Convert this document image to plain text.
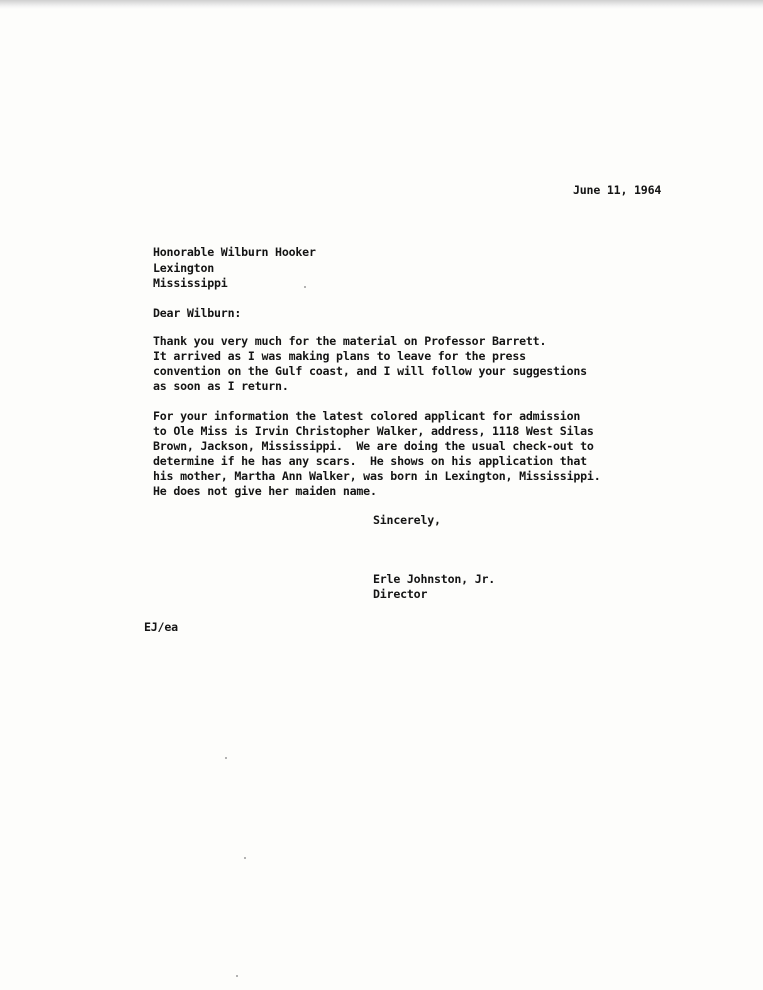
June 11, 1964
Honorable Wilburn Hooker
Lexington
Mississippi
Dear Wilburn:
Thank you very much for the material on Professor Barrett.
It arrived as I was making plans to leave for the press
convention on the Gulf coast, and I will follow your suggestions
as soon as I return.
For your information the latest colored applicant for admission
to Ole Miss is Irvin Christopher Walker, address, 1118 West Silas
Brown, Jackson, Mississippi.  We are doing the usual check-out to
determine if he has any scars.  He shows on his application that
his mother, Martha Ann Walker, was born in Lexington, Mississippi.
He does not give her maiden name.
Sincerely,
Erle Johnston, Jr.
Director
EJ/ea
